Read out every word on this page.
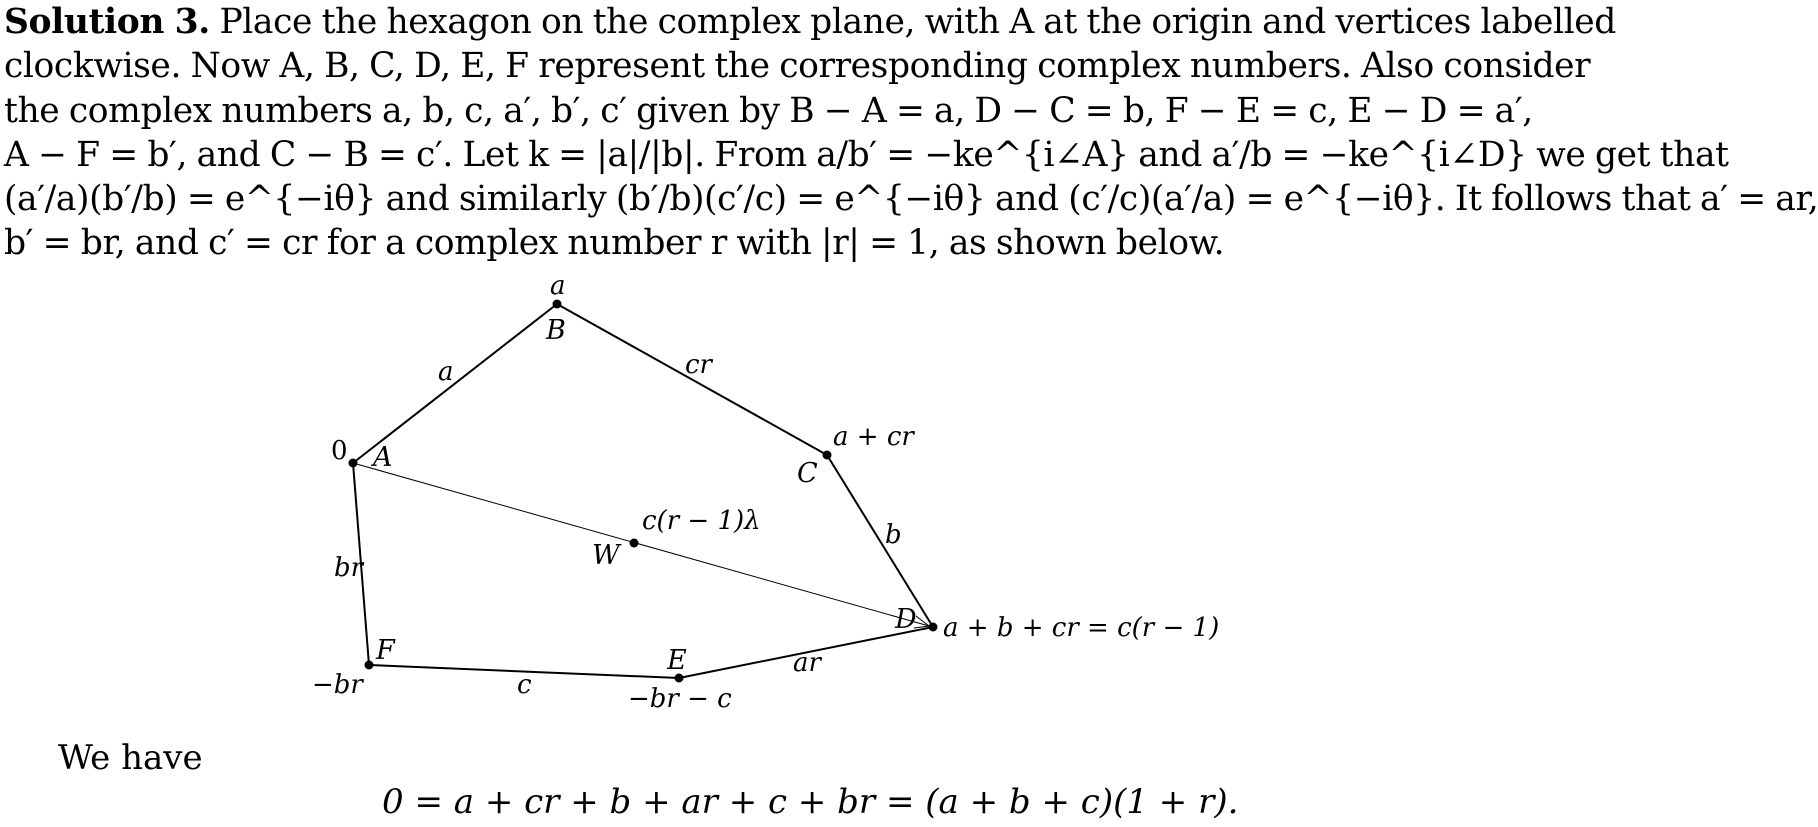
Solution 3. Place the hexagon on the complex plane, with A at the origin and vertices labelled
clockwise. Now A, B, C, D, E, F represent the corresponding complex numbers. Also consider
the complex numbers a, b, c, a′, b′, c′ given by B − A = a, D − C = b, F − E = c, E − D = a′,
A − F = b′, and C − B = c′. Let k = |a|/|b|. From a/b′ = −ke^{i∠A} and a′/b = −ke^{i∠D} we get that
(a′/a)(b′/b) = e^{−iθ} and similarly (b′/b)(c′/c) = e^{−iθ} and (c′/c)(a′/a) = e^{−iθ}. It follows that a′ = ar,
b′ = br, and c′ = cr for a complex number r with |r| = 1, as shown below.
A
B
C
D
E
F
W
0
a
a + cr
a + b + cr = c(r − 1)
−br − c
−br
c(r − 1)λ
a	cr
b
ar
c
br
We have
0 = a + cr + b + ar + c + br = (a + b + c)(1 + r).
